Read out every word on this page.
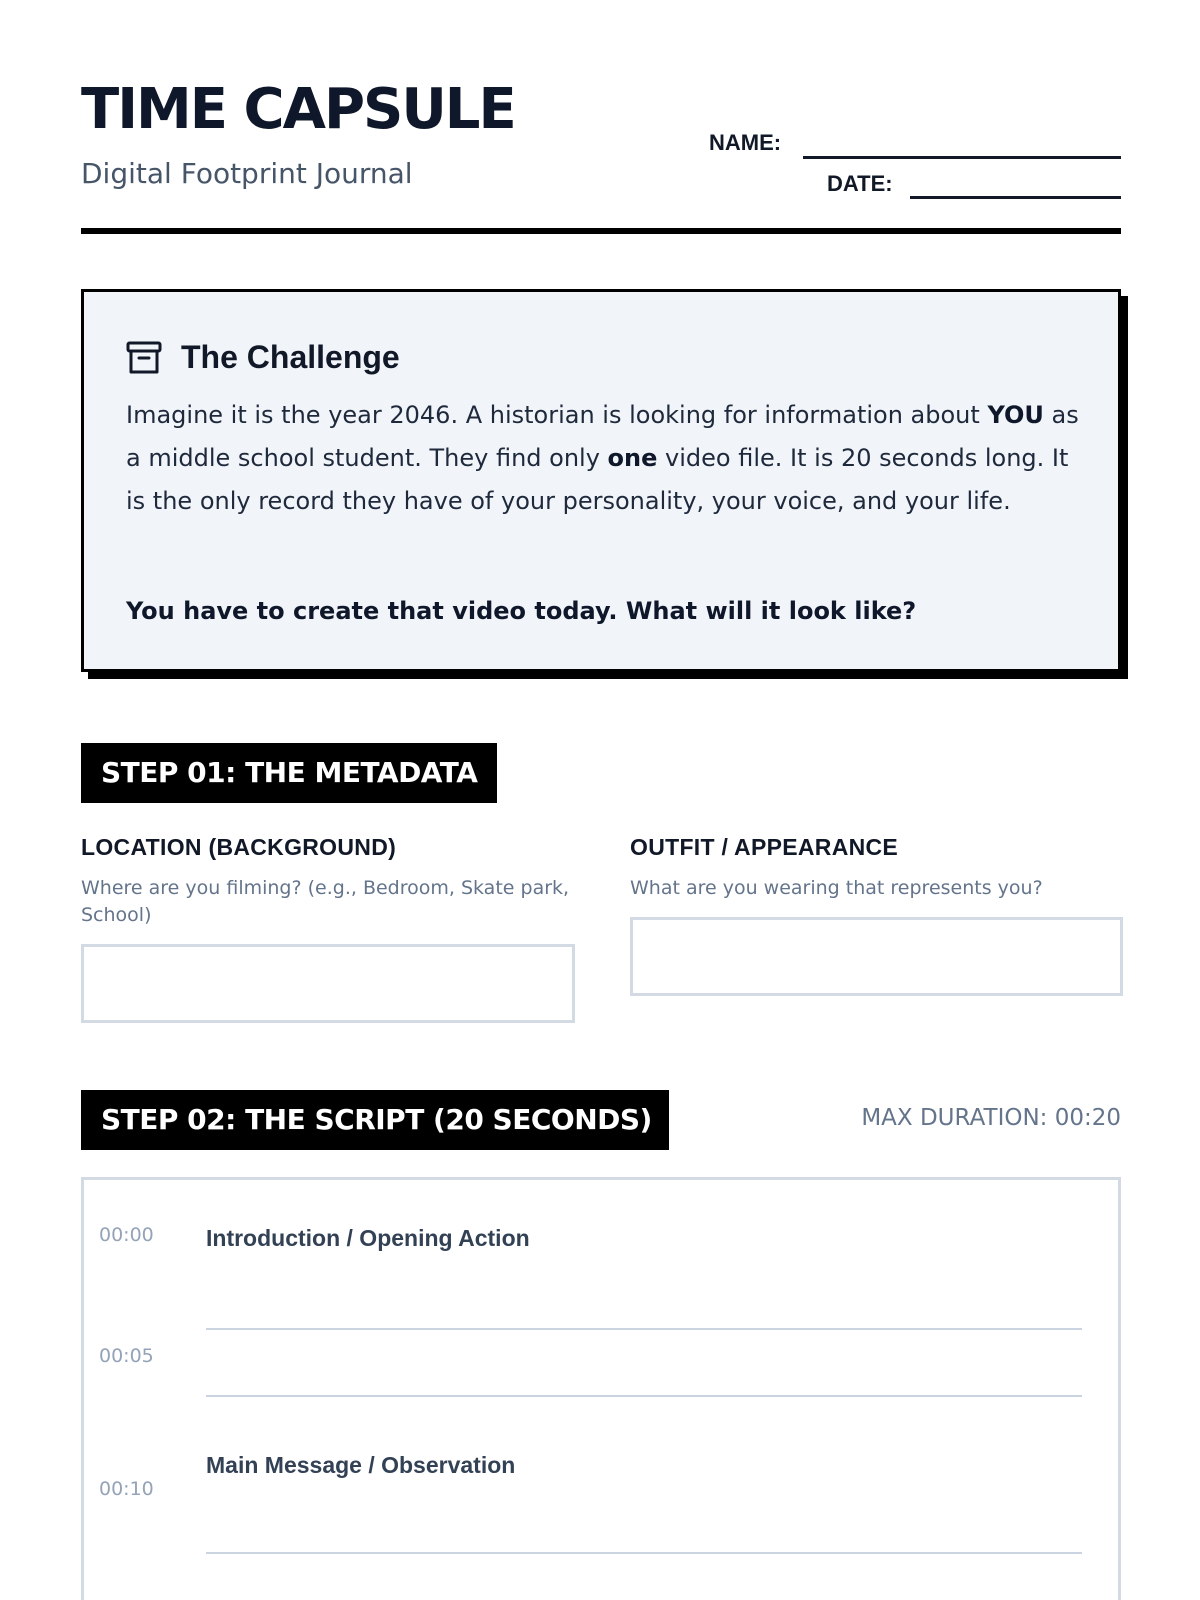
TIME CAPSULE
Digital Footprint Journal
NAME:
DATE:
The Challenge
Imagine it is the year 2046. A historian is looking for information about YOU as a middle school student. They find only one video file. It is 20 seconds long. It is the only record they have of your personality, your voice, and your life.
You have to create that video today. What will it look like?
STEP 01: THE METADATA
LOCATION (BACKGROUND)
Where are you filming? (e.g., Bedroom, Skate park, School)
OUTFIT / APPEARANCE
What are you wearing that represents you?
STEP 02: THE SCRIPT (20 SECONDS)	MAX DURATION: 00:20
00:00 Introduction / Opening Action
00:05
Main Message / Observation
00:10
